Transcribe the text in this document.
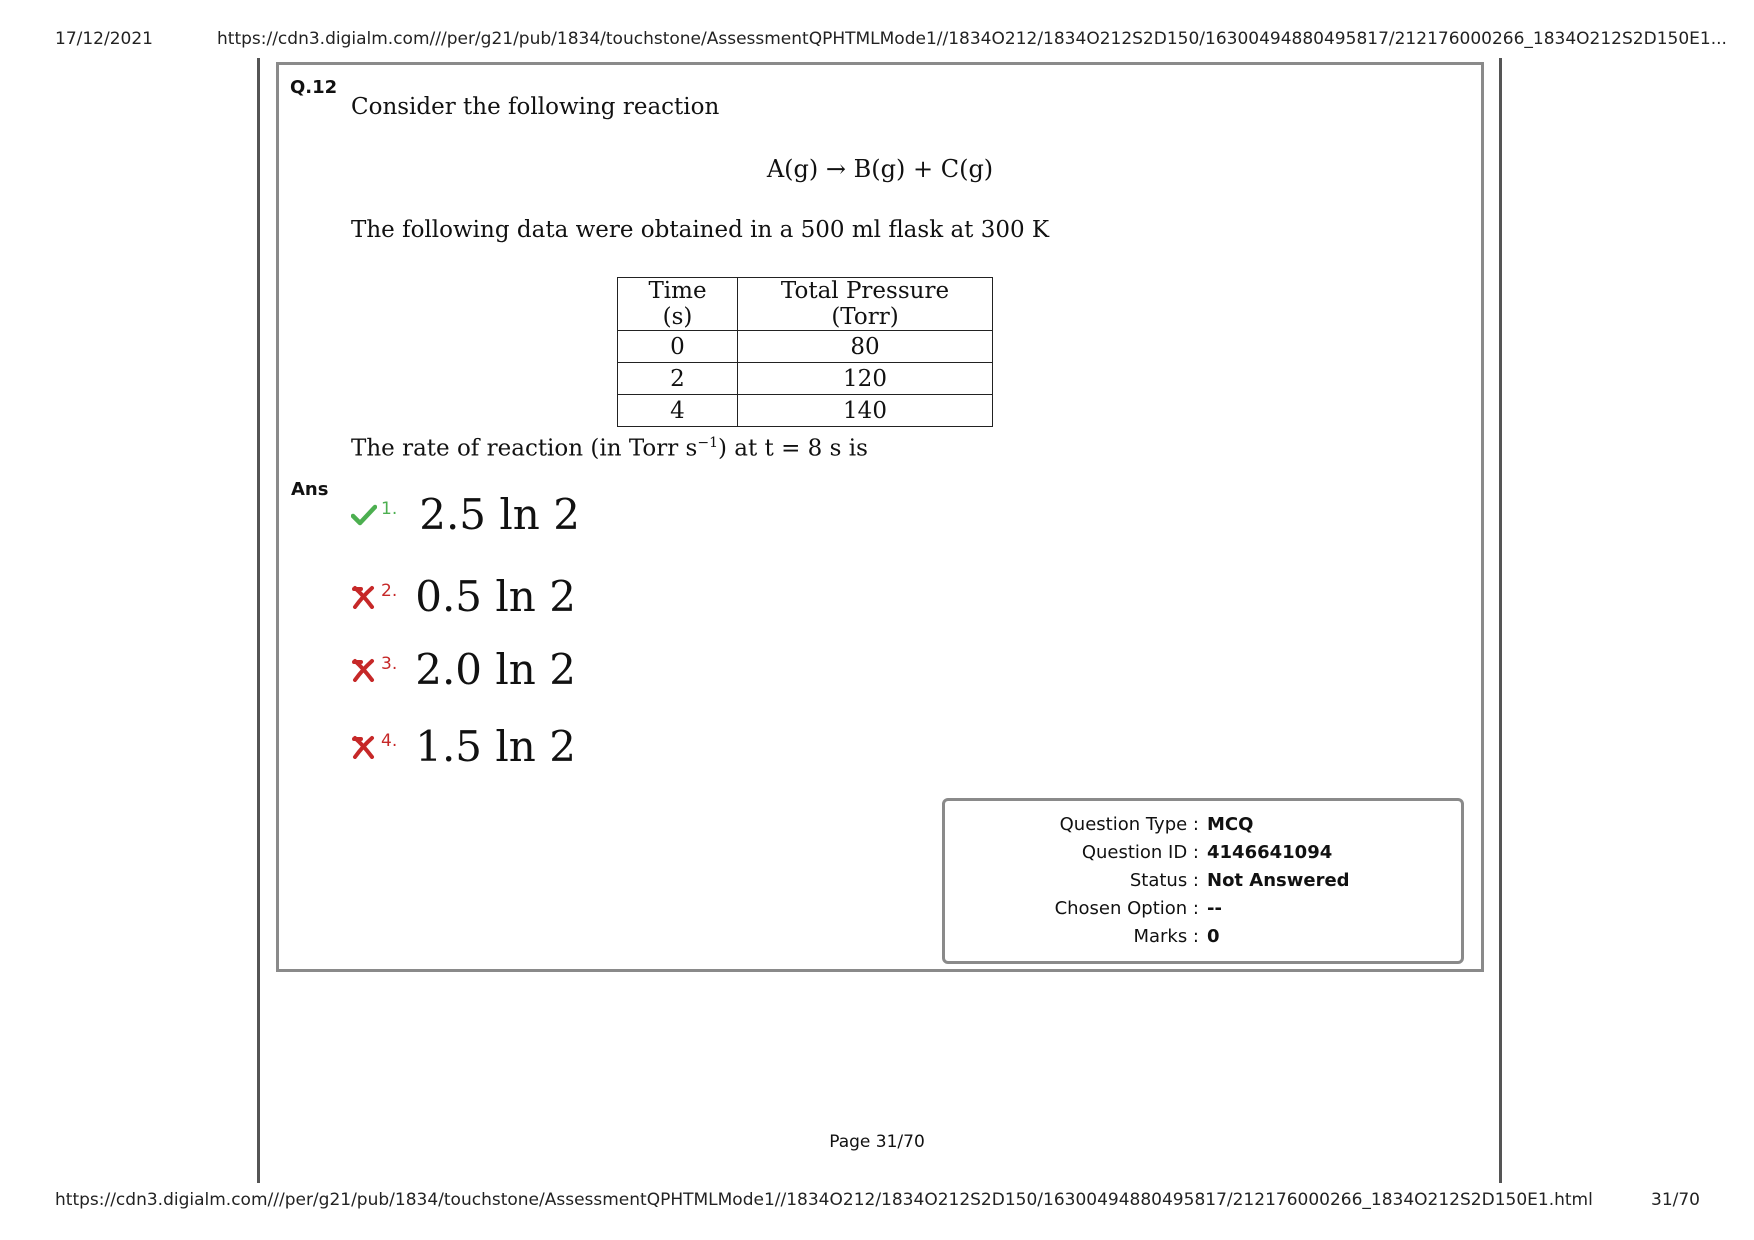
17/12/2021	https://cdn3.digialm.com///per/g21/pub/1834/touchstone/AssessmentQPHTMLMode1//1834O212/1834O212S2D150/16300494880495817/212176000266_1834O212S2D150E1...
Q.12
Consider the following reaction
A(g) → B(g) + C(g)
The following data were obtained in a 500 ml flask at 300 K
Time (s)	Total Pressure (Torr)
0	80
2	120
4	140
The rate of reaction (in Torr $s^{-1}$) at t = 8 s is
Ans
1. 2.5 ln 2
2. 0.5 ln 2
3. 2.0 ln 2
4. 1.5 ln 2
Question Type : MCQ
Question ID : 4146641094
Status : Not Answered
Chosen Option : --
Marks : 0
Page 31/70
https://cdn3.digialm.com///per/g21/pub/1834/touchstone/AssessmentQPHTMLMode1//1834O212/1834O212S2D150/16300494880495817/212176000266_1834O212S2D150E1.html	31/70
